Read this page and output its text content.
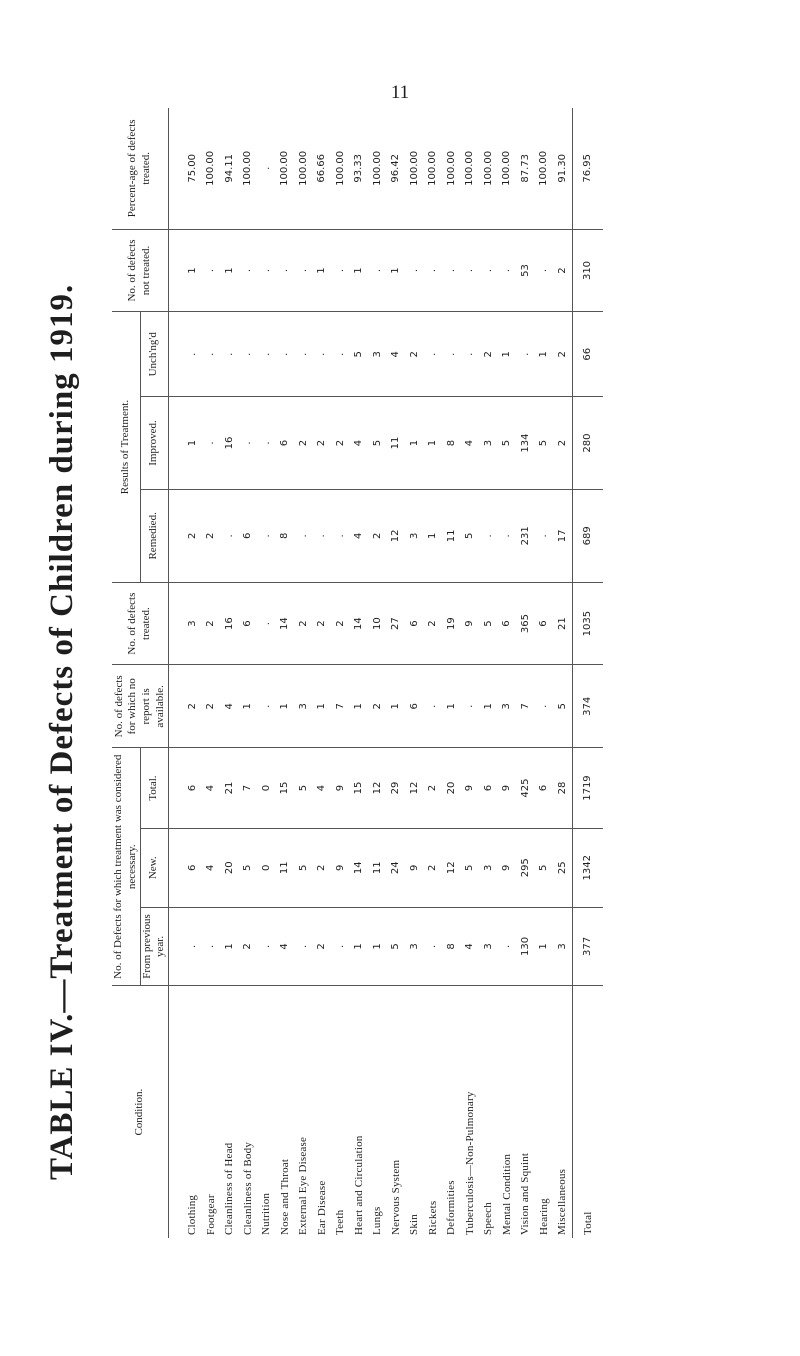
11
TABLE IV.—Treatment of Defects of Children during 1919.	Condition.	No. of Defects for which treatment was considered necessary.			No. of defects for which no report is available.	No. of defects treated.	Results of Treatment.			No. of defects not treated.	Percent-age of defects treated.
	From previous year.	New.	Total.			Remedied.	Improved.	Unch'ng'd		
Clothing	.	6	6	2	3	2	1	.	1	75.00
Footgear	.	4	4	2	2	2	.	.	.	100.00
Cleanliness of Head	1	20	21	4	16	.	16	.	1	94.11
Cleanliness of Body	2	5	7	1	6	6	.	.	.	100.00
Nutrition	.	0	0	.	.	.	.	.	.	.
Nose and Throat	4	11	15	1	14	8	6	.	.	100.00
External Eye Disease	.	5	5	3	2	.	2	.	.	100.00
Ear Disease	2	2	4	1	2	.	2	.	1	66.66
Teeth	.	9	9	7	2	.	2	.	.	100.00
Heart and Circulation	1	14	15	1	14	4	4	5	1	93.33
Lungs	1	11	12	2	10	2	5	3	.	100.00
Nervous System	5	24	29	1	27	12	11	4	1	96.42
Skin	3	9	12	6	6	3	1	2	.	100.00
Rickets	.	2	2	.	2	1	1	.	.	100.00
Deformities	8	12	20	1	19	11	8	.	.	100.00
Tuberculosis—Non-Pulmonary	4	5	9	.	9	5	4	.	.	100.00
Speech	3	3	6	1	5	.	3	2	.	100.00
Mental Condition	.	9	9	3	6	.	5	1	.	100.00
Vision and Squint	130	295	425	7	365	231	134	.	53	87.73
Hearing	1	5	6	.	6	.	5	1	.	100.00
Miscellaneous	3	25	28	5	21	17	2	2	2	91.30
Total	377	1342	1719	374	1035	689	280	66	310	76.95
